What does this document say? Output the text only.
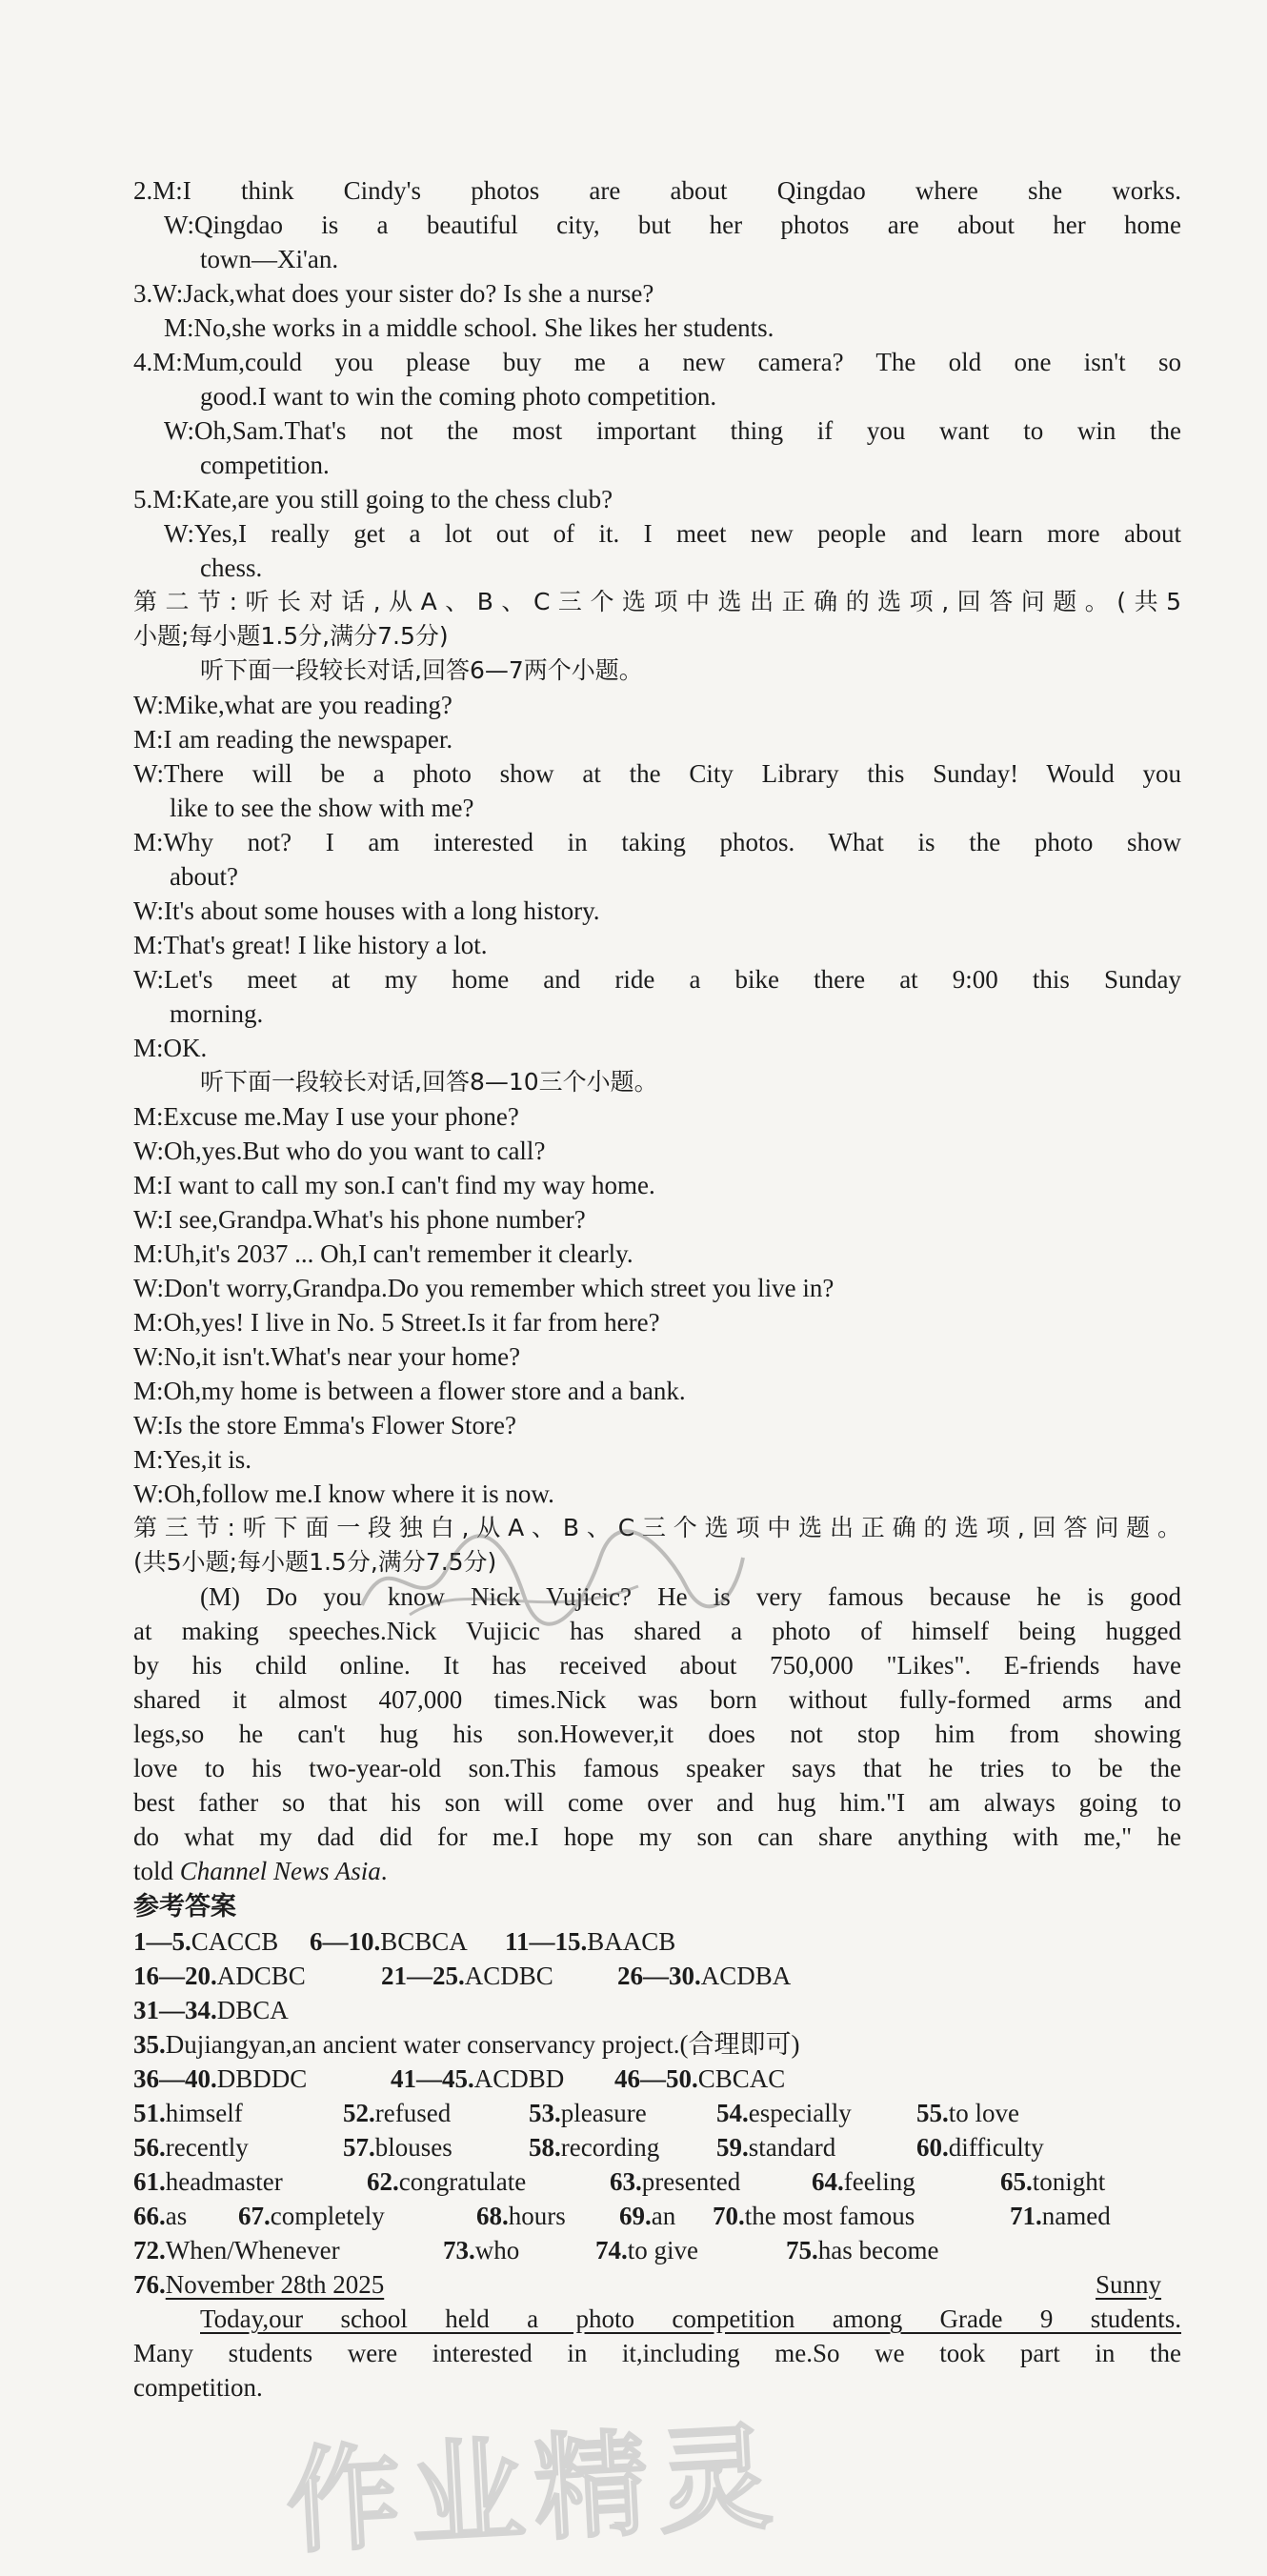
2.M:I think Cindy's photos are about Qingdao where she works.
W:Qingdao is a beautiful city, but her photos are about her home
town—Xi'an.
3.W:Jack,what does your sister do? Is she a nurse?
M:No,she works in a middle school. She likes her students.
4.M:Mum,could you please buy me a new camera? The old one isn't so
good.I want to win the coming photo competition.
W:Oh,Sam.That's not the most important thing if you want to win the
competition.
5.M:Kate,are you still going to the chess club?
W:Yes,I really get a lot out of it. I meet new people and learn more about
chess.
第二节:听长对话,从A、B、C三个选项中选出正确的选项,回答问题。(共5
小题;每小题1.5分,满分7.5分)
听下面一段较长对话,回答6—7两个小题。
W:Mike,what are you reading?
M:I am reading the newspaper.
W:There will be a photo show at the City Library this Sunday! Would you
like to see the show with me?
M:Why not? I am interested in taking photos. What is the photo show
about?
W:It's about some houses with a long history.
M:That's great! I like history a lot.
W:Let's meet at my home and ride a bike there at 9:00 this Sunday
morning.
M:OK.
听下面一段较长对话,回答8—10三个小题。
M:Excuse me.May I use your phone?
W:Oh,yes.But who do you want to call?
M:I want to call my son.I can't find my way home.
W:I see,Grandpa.What's his phone number?
M:Uh,it's 2037 ... Oh,I can't remember it clearly.
W:Don't worry,Grandpa.Do you remember which street you live in?
M:Oh,yes! I live in No. 5 Street.Is it far from here?
W:No,it isn't.What's near your home?
M:Oh,my home is between a flower store and a bank.
W:Is the store Emma's Flower Store?
M:Yes,it is.
W:Oh,follow me.I know where it is now.
第三节:听下面一段独白,从A、B、C三个选项中选出正确的选项,回答问题。
(共5小题;每小题1.5分,满分7.5分)
(M) Do you know Nick Vujicic? He is very famous because he is good
at making speeches.Nick Vujicic has shared a photo of himself being hugged
by his child online. It has received about 750,000 "Likes". E-friends have
shared it almost 407,000 times.Nick was born without fully-formed arms and
legs,so he can't hug his son.However,it does not stop him from showing
love to his two-year-old son.This famous speaker says that he tries to be the
best father so that his son will come over and hug him."I am always going to
do what my dad did for me.I hope my son can share anything with me," he
told Channel News Asia.
参考答案
1—5.CACCB 6—10.BCBCA 11—15.BAACB
16—20.ADCBC	21—25.ACDBC 26—30.ACDBA
31—34.DBCA
35.Dujiangyan,an ancient water conservancy project.(合理即可)
36—40.DBDDC	41—45.ACDBD 46—50.CBCAC
51.himself	52.refused	53.pleasure	54.especially	55.to love
56.recently	57.blouses	58.recording 59.standard	60.difficulty
61.headmaster	62.congratulate	63.presented	64.feeling	65.tonight
66.as 67.completely	68.hours 69.an 70.the most famous	71.named
72.When/Whenever	73.who	74.to give	75.has become
76.November 28th 2025	Sunny
Today,our school held a photo competition among Grade 9 students.
Many students were interested in it,including me.So we took part in the
competition.
作业精灵
